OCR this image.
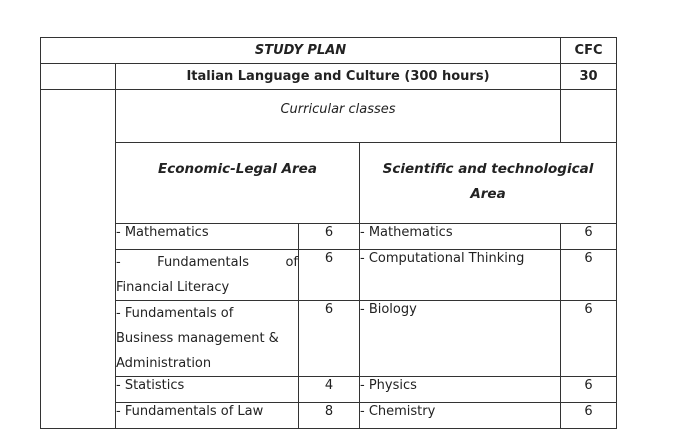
STUDY PLAN				CFC
	Italian Language and Culture (300 hours)			30
	Curricular classes			
	Economic-Legal Area		Scientific and technological
Area	
	- Mathematics	6	- Mathematics	6

	- Fundamentals of
Financial Literacy	6	- Computational Thinking	6

	- Fundamentals of
Business management &
Administration	6	- Biology	6
	- Statistics	4	- Physics	6
	- Fundamentals of Law	8	- Chemistry	6
